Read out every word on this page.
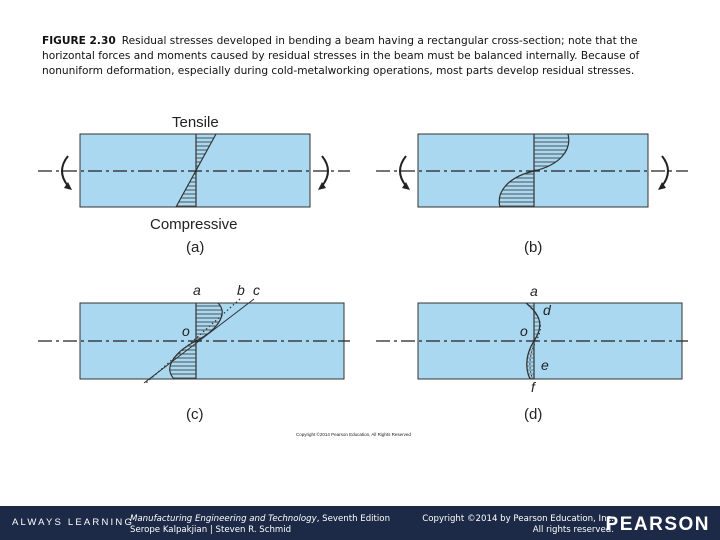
FIGURE 2.30 Residual stresses developed in bending a beam having a rectangular cross-section; note that the horizontal forces and moments caused by residual stresses in the beam must be balanced internally. Because of nonuniform deformation, especially during cold-metalworking operations, most parts develop residual stresses.
Tensile
Compressive
(a)	(b)
a	b c
o
(c)
a
d
o
e
f
(d)
Copyright ©2014 Pearson Education, All Rights Reserved
ALWAYS LEARNING
Manufacturing Engineering and Technology, Seventh Edition
Serope Kalpakjian | Steven R. Schmid
Copyright ©2014 by Pearson Education, Inc.
All rights reserved.
PEARSON
